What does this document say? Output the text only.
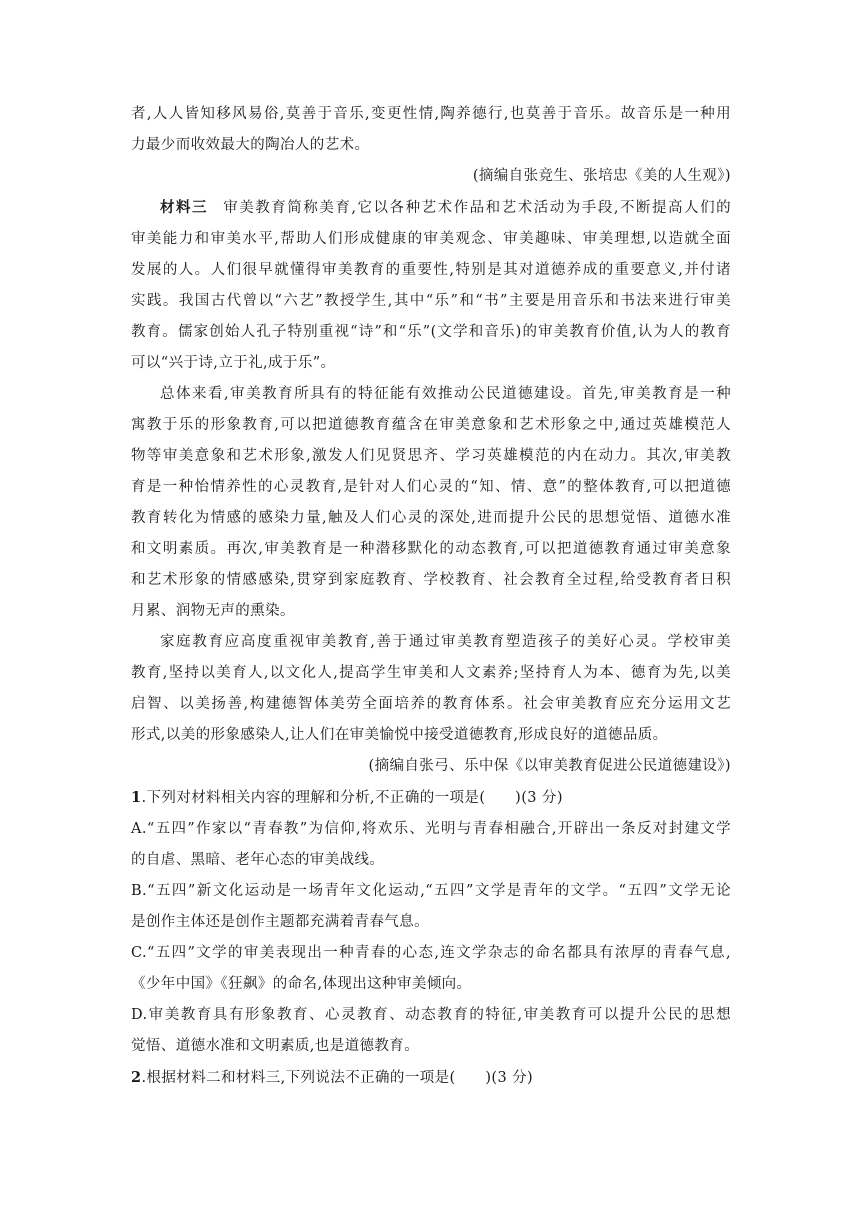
者,人人皆知移风易俗,莫善于音乐,变更性情,陶养德行,也莫善于音乐。故音乐是一种用
力最少而收效最大的陶冶人的艺术。
(摘编自张竞生、张培忠《美的人生观》)
材料三 审美教育简称美育,它以各种艺术作品和艺术活动为手段,不断提高人们的
审美能力和审美水平,帮助人们形成健康的审美观念、审美趣味、审美理想,以造就全面
发展的人。人们很早就懂得审美教育的重要性,特别是其对道德养成的重要意义,并付诸
实践。我国古代曾以“六艺”教授学生,其中“乐”和“书”主要是用音乐和书法来进行审美
教育。儒家创始人孔子特别重视“诗”和“乐”(文学和音乐)的审美教育价值,认为人的教育
可以“兴于诗,立于礼,成于乐”。
总体来看,审美教育所具有的特征能有效推动公民道德建设。首先,审美教育是一种
寓教于乐的形象教育,可以把道德教育蕴含在审美意象和艺术形象之中,通过英雄模范人
物等审美意象和艺术形象,激发人们见贤思齐、学习英雄模范的内在动力。其次,审美教
育是一种怡情养性的心灵教育,是针对人们心灵的“知、情、意”的整体教育,可以把道德
教育转化为情感的感染力量,触及人们心灵的深处,进而提升公民的思想觉悟、道德水准
和文明素质。再次,审美教育是一种潜移默化的动态教育,可以把道德教育通过审美意象
和艺术形象的情感感染,贯穿到家庭教育、学校教育、社会教育全过程,给受教育者日积
月累、润物无声的熏染。
家庭教育应高度重视审美教育,善于通过审美教育塑造孩子的美好心灵。学校审美
教育,坚持以美育人,以文化人,提高学生审美和人文素养;坚持育人为本、德育为先,以美
启智、以美扬善,构建德智体美劳全面培养的教育体系。社会审美教育应充分运用文艺
形式,以美的形象感染人,让人们在审美愉悦中接受道德教育,形成良好的道德品质。
(摘编自张弓、乐中保《以审美教育促进公民道德建设》)
1.下列对材料相关内容的理解和分析,不正确的一项是(　　)(3 分)
A.“五四”作家以“青春教”为信仰,将欢乐、光明与青春相融合,开辟出一条反对封建文学
的自虐、黑暗、老年心态的审美战线。
B.“五四”新文化运动是一场青年文化运动,“五四”文学是青年的文学。“五四”文学无论
是创作主体还是创作主题都充满着青春气息。
C.“五四”文学的审美表现出一种青春的心态,连文学杂志的命名都具有浓厚的青春气息,
《少年中国》《狂飙》的命名,体现出这种审美倾向。
D.审美教育具有形象教育、心灵教育、动态教育的特征,审美教育可以提升公民的思想
觉悟、道德水准和文明素质,也是道德教育。
2.根据材料二和材料三,下列说法不正确的一项是(　　)(3 分)
